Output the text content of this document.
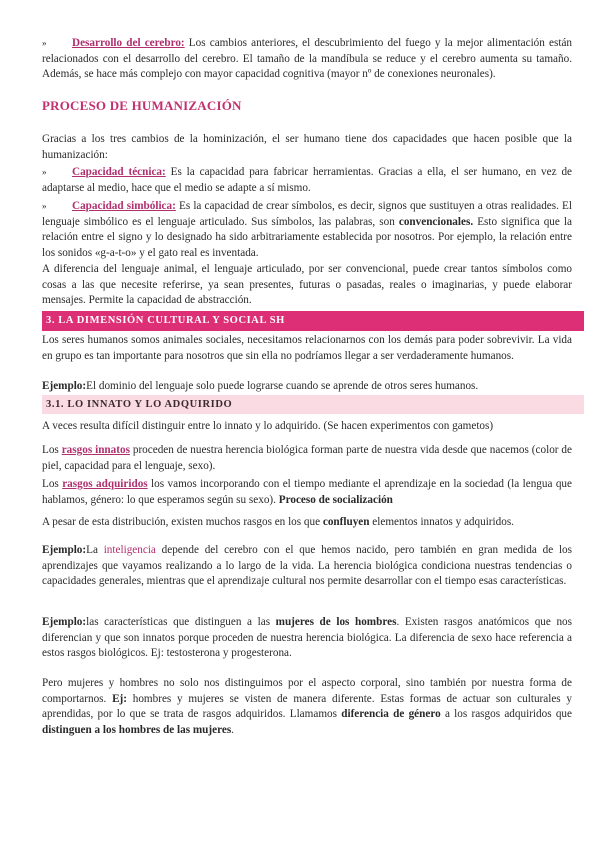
» Desarrollo del cerebro: Los cambios anteriores, el descubrimiento del fuego y la mejor alimentación están relacionados con el desarrollo del cerebro. El tamaño de la mandíbula se reduce y el cerebro aumenta su tamaño. Además, se hace más complejo con mayor capacidad cognitiva (mayor nº de conexiones neuronales).

PROCESO DE HUMANIZACIÓN

Gracias a los tres cambios de la hominización, el ser humano tiene dos capacidades que hacen posible que la humanización:

» Capacidad técnica: Es la capacidad para fabricar herramientas. Gracias a ella, el ser humano, en vez de adaptarse al medio, hace que el medio se adapte a sí mismo.

» Capacidad simbólica: Es la capacidad de crear símbolos, es decir, signos que sustituyen a otras realidades. El lenguaje simbólico es el lenguaje articulado. Sus símbolos, las palabras, son convencionales. Esto significa que la relación entre el signo y lo designado ha sido arbitrariamente establecida por nosotros. Por ejemplo, la relación entre los sonidos «g-a-t-o» y el gato real es inventada.

A diferencia del lenguaje animal, el lenguaje articulado, por ser convencional, puede crear tantos símbolos como cosas a las que necesite referirse, ya sean presentes, futuras o pasadas, reales o imaginarias, y puede elaborar mensajes. Permite la capacidad de abstracción.

3. LA DIMENSIÓN CULTURAL Y SOCIAL SH

Los seres humanos somos animales sociales, necesitamos relacionarnos con los demás para poder sobrevivir. La vida en grupo es tan importante para nosotros que sin ella no podríamos llegar a ser verdaderamente humanos.

Ejemplo:El dominio del lenguaje solo puede lograrse cuando se aprende de otros seres humanos.

3.1. LO INNATO Y LO ADQUIRIDO

A veces resulta difícil distinguir entre lo innato y lo adquirido. (Se hacen experimentos con gametos)

Los rasgos innatos proceden de nuestra herencia biológica forman parte de nuestra vida desde que nacemos (color de piel, capacidad para el lenguaje, sexo).

Los rasgos adquiridos los vamos incorporando con el tiempo mediante el aprendizaje en la sociedad (la lengua que hablamos, género: lo que esperamos según su sexo). Proceso de socialización

A pesar de esta distribución, existen muchos rasgos en los que confluyen elementos innatos y adquiridos.

Ejemplo:La inteligencia depende del cerebro con el que hemos nacido, pero también en gran medida de los aprendizajes que vayamos realizando a lo largo de la vida. La herencia biológica condiciona nuestras tendencias o capacidades generales, mientras que el aprendizaje cultural nos permite desarrollar con el tiempo esas características.

Ejemplo:las características que distinguen a las mujeres de los hombres. Existen rasgos anatómicos que nos diferencian y que son innatos porque proceden de nuestra herencia biológica. La diferencia de sexo hace referencia a estos rasgos biológicos. Ej: testosterona y progesterona.

Pero mujeres y hombres no solo nos distinguimos por el aspecto corporal, sino también por nuestra forma de comportarnos. Ej: hombres y mujeres se visten de manera diferente. Estas formas de actuar son culturales y aprendidas, por lo que se trata de rasgos adquiridos. Llamamos diferencia de género a los rasgos adquiridos que distinguen a los hombres de las mujeres.
